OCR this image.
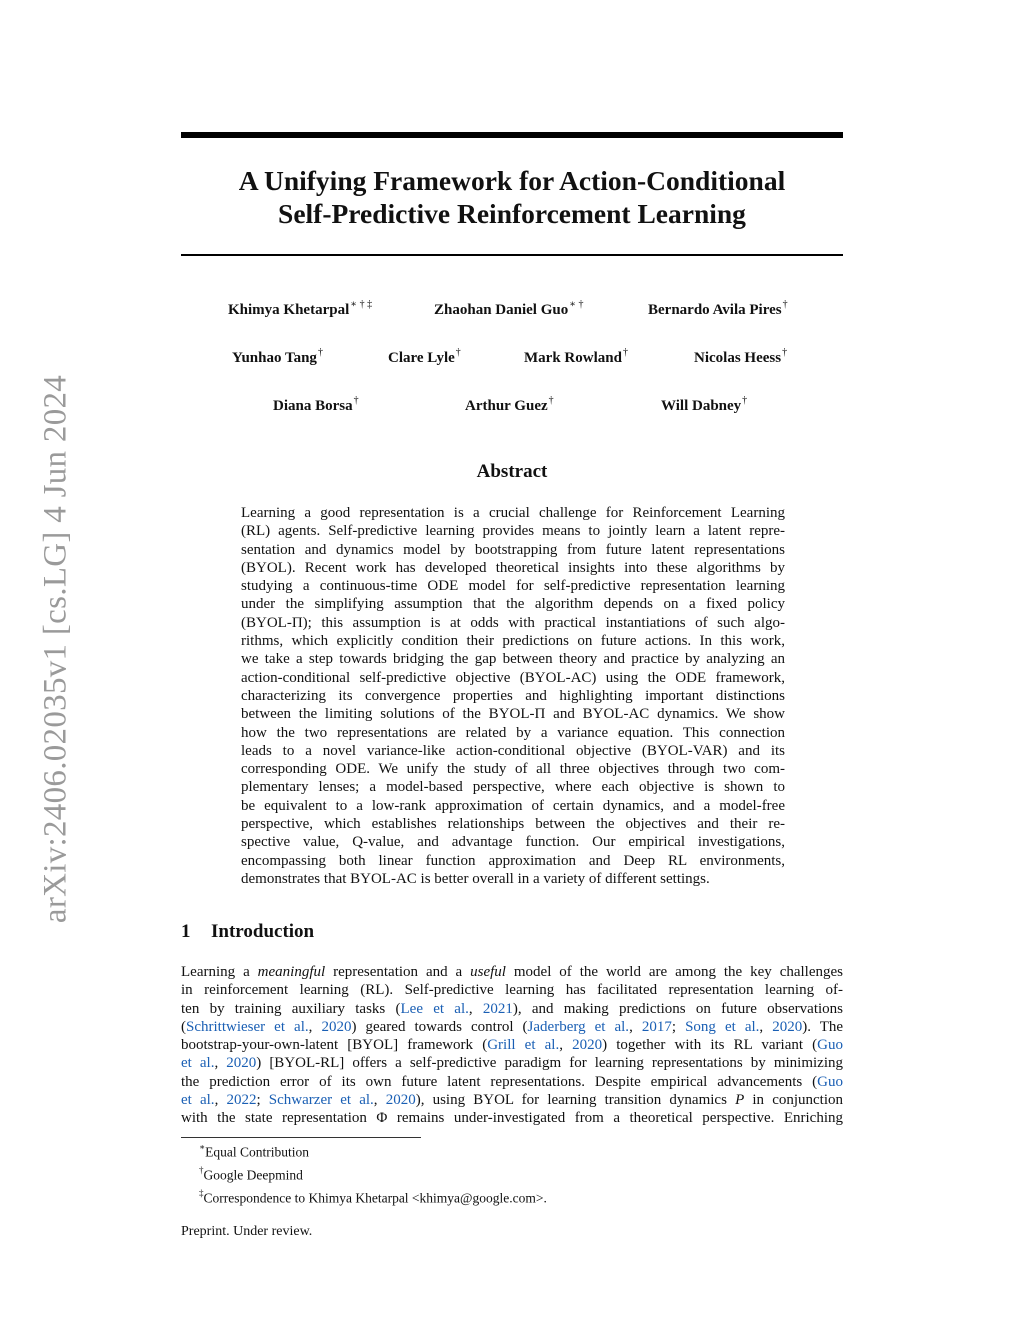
arXiv:2406.02035v1 [cs.LG] 4 Jun 2024
A Unifying Framework for Action-Conditional
Self-Predictive Reinforcement Learning
Khimya Khetarpal∗ † ‡	Zhaohan Daniel Guo∗ †	Bernardo Avila Pires†
Yunhao Tang†	Clare Lyle†	Mark Rowland†	Nicolas Heess†
Diana Borsa†	Arthur Guez†	Will Dabney†
Abstract
Learning a good representation is a crucial challenge for Reinforcement Learning
(RL) agents. Self-predictive learning provides means to jointly learn a latent repre-
sentation and dynamics model by bootstrapping from future latent representations
(BYOL). Recent work has developed theoretical insights into these algorithms by
studying a continuous-time ODE model for self-predictive representation learning
under the simplifying assumption that the algorithm depends on a fixed policy
(BYOL-Π); this assumption is at odds with practical instantiations of such algo-
rithms, which explicitly condition their predictions on future actions. In this work,
we take a step towards bridging the gap between theory and practice by analyzing an
action-conditional self-predictive objective (BYOL-AC) using the ODE framework,
characterizing its convergence properties and highlighting important distinctions
between the limiting solutions of the BYOL-Π and BYOL-AC dynamics. We show
how the two representations are related by a variance equation. This connection
leads to a novel variance-like action-conditional objective (BYOL-VAR) and its
corresponding ODE. We unify the study of all three objectives through two com-
plementary lenses; a model-based perspective, where each objective is shown to
be equivalent to a low-rank approximation of certain dynamics, and a model-free
perspective, which establishes relationships between the objectives and their re-
spective value, Q-value, and advantage function. Our empirical investigations,
encompassing both linear function approximation and Deep RL environments,
demonstrates that BYOL-AC is better overall in a variety of different settings.
1 Introduction
Learning a meaningful representation and a useful model of the world are among the key challenges
in reinforcement learning (RL). Self-predictive learning has facilitated representation learning of-
ten by training auxiliary tasks (Lee et al., 2021), and making predictions on future observations
(Schrittwieser et al., 2020) geared towards control (Jaderberg et al., 2017; Song et al., 2020). The
bootstrap-your-own-latent [BYOL] framework (Grill et al., 2020) together with its RL variant (Guo
et al., 2020) [BYOL-RL] offers a self-predictive paradigm for learning representations by minimizing
the prediction error of its own future latent representations. Despite empirical advancements (Guo
et al., 2022; Schwarzer et al., 2020), using BYOL for learning transition dynamics P in conjunction
with the state representation Φ remains under-investigated from a theoretical perspective. Enriching
∗Equal Contribution
†Google Deepmind
‡Correspondence to Khimya Khetarpal <khimya@google.com>.
Preprint. Under review.
